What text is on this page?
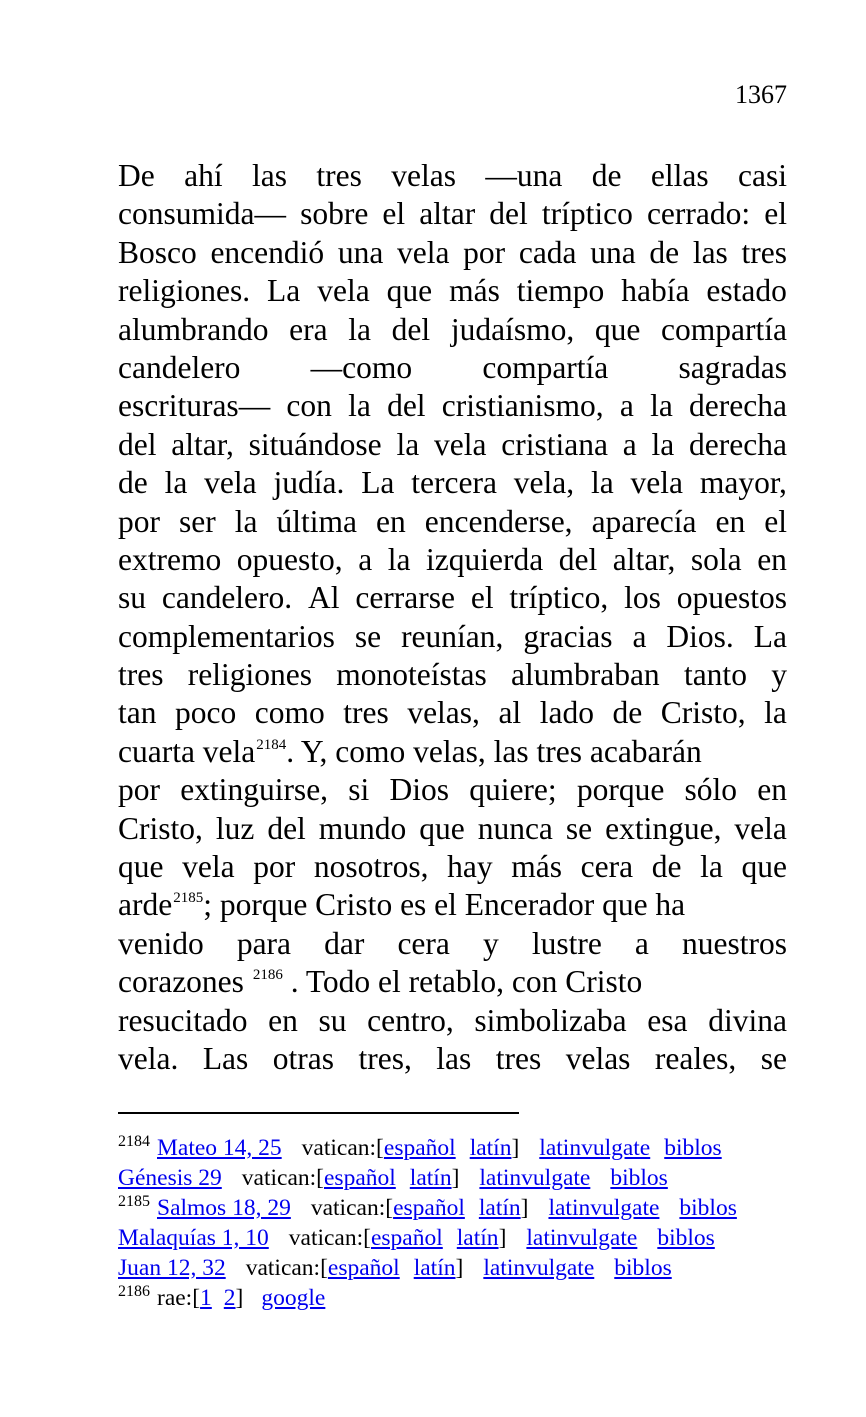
1367
De ahí las tres velas —una de ellas casi
consumida— sobre el altar del tríptico cerrado: el
Bosco encendió una vela por cada una de las tres
religiones. La vela que más tiempo había estado
alumbrando era la del judaísmo, que compartía
candelero —como compartía sagradas
escrituras— con la del cristianismo, a la derecha
del altar, situándose la vela cristiana a la derecha
de la vela judía. La tercera vela, la vela mayor,
por ser la última en encenderse, aparecía en el
extremo opuesto, a la izquierda del altar, sola en
su candelero. Al cerrarse el tríptico, los opuestos
complementarios se reunían, gracias a Dios. La
tres religiones monoteístas alumbraban tanto y
tan poco como tres velas, al lado de Cristo, la
cuarta vela$^{2184}$. Y, como velas, las tres acabarán
por extinguirse, si Dios quiere; porque sólo en
Cristo, luz del mundo que nunca se extingue, vela
que vela por nosotros, hay más cera de la que
arde$^{2185}$; porque Cristo es el Encerador que ha
venido para dar cera y lustre a nuestros
corazones $^{2186}$ . Todo el retablo, con Cristo
resucitado en su centro, simbolizaba esa divina
vela. Las otras tres, las tres velas reales, se
$^{2184}$ Mateo 14, 25 vatican:[español latín] latinvulgate biblos
Génesis 29 vatican:[español latín] latinvulgate biblos
$^{2185}$ Salmos 18, 29 vatican:[español latín] latinvulgate biblos
Malaquías 1, 10 vatican:[español latín] latinvulgate biblos
Juan 12, 32 vatican:[español latín] latinvulgate biblos
$^{2186}$ rae:[1 2] google
